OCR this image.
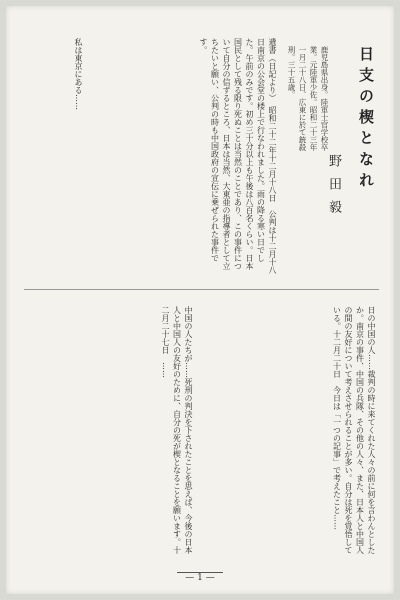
日支の楔となれ
野田毅
鹿児島県出身。陸軍士官学校卒業。元陸軍少佐。昭和二十三年一月二十八日、広東に於て銃殺刑。三十五歳。
遺書（日記より）　昭和二十二年十二月十八日　公判は十二月十八日南京の公会堂の楼上で行なわれました。雨の降る寒い日でした。午前のみです。初め三十分以上も午後は八百名くらい。日本国民として残る限り死ぬことは当然のことであり、この事件について自分の信ずるところ、日本は当然、大東亜の指導者として立ちたいと願い、公判の時も中国政府の宣伝に乗ぜられた事件です。
私は東京にある……
日の中国の人……裁判の時に来てくれた人々の前に何を言わんとしたか。南京の事件、中国の兵隊、その他の人々、また、日本人と中国人の間の友好について考えさせられることが多い。自分は死を覚悟している。十二月二十日　今日は「一つの記事」で考えたこと……
中国の人たちが……死刑の判決を下されたことを思えば、今後の日本人と中国人の友好のために、自分の死が楔となることを願います。十二月二十七日　……
— 1 —
